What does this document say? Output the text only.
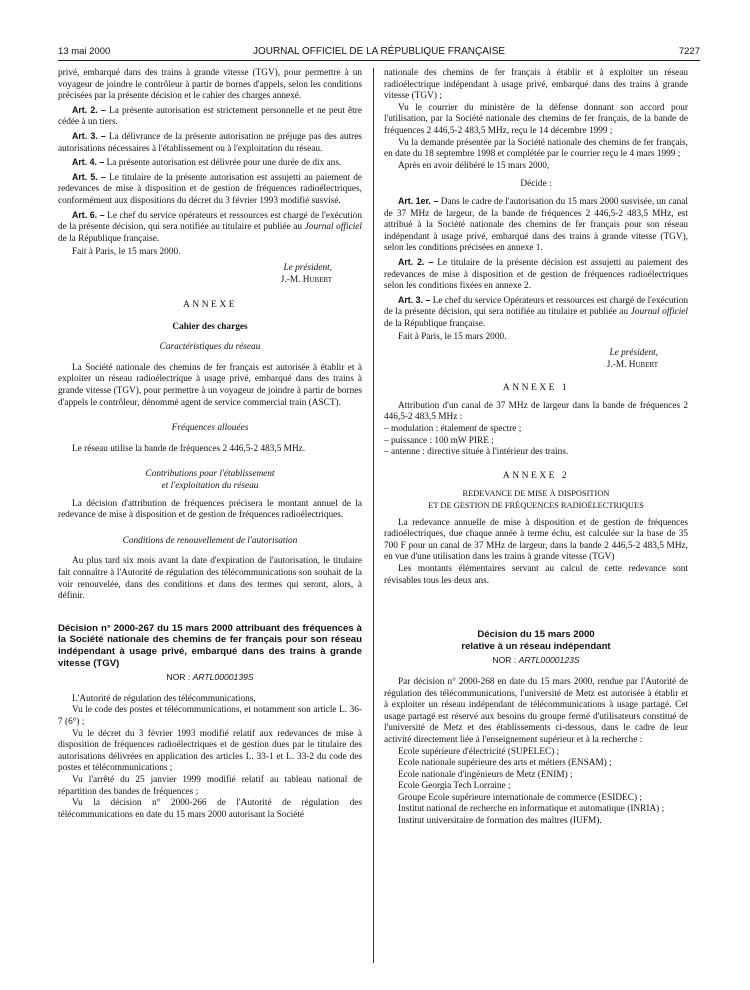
13 mai 2000	JOURNAL OFFICIEL DE LA RÉPUBLIQUE FRANÇAISE	7227

privé, embarqué dans des trains à grande vitesse (TGV), pour permettre à un voyageur de joindre le contrôleur à partir de bornes d'appels, selon les conditions précisées par la présente décision et le cahier des charges annexé.

Art. 2. – La présente autorisation est strictement personnelle et ne peut être cédée à un tiers.

Art. 3. – La délivrance de la présente autorisation ne préjuge pas des autres autorisations nécessaires à l'établissement ou à l'exploitation du réseau.

Art. 4. – La présente autorisation est délivrée pour une durée de dix ans.

Art. 5. – Le titulaire de la présente autorisation est assujetti au paiement de redevances de mise à disposition et de gestion de fréquences radioélectriques, conformément aux dispositions du décret du 3 février 1993 modifié susvisé.

Art. 6. – Le chef du service opérateurs et ressources est chargé de l'exécution de la présente décision, qui sera notifiée au titulaire et publiée au Journal officiel de la République française.

Fait à Paris, le 15 mars 2000.

Le président,
J.-M. Hubert
ANNEXE
Cahier des charges
Caractéristiques du réseau

La Société nationale des chemins de fer français est autorisée à établir et à exploiter un réseau radioélectrique à usage privé, embarqué dans des trains à grande vitesse (TGV), pour permettre à un voyageur de joindre à partir de bornes d'appels le contrôleur, dénommé agent de service commercial train (ASCT).

Fréquences allouées

Le réseau utilise la bande de fréquences 2 446,5-2 483,5 MHz.

Contributions pour l'établissement
et l'exploitation du réseau

La décision d'attribution de fréquences précisera le montant annuel de la redevance de mise à disposition et de gestion de fréquences radioélectriques.

Conditions de renouvellement de l'autorisation

Au plus tard six mois avant la date d'expiration de l'autorisation, le titulaire fait connaître à l'Autorité de régulation des télécommunications son souhait de la voir renouvelée, dans des conditions et dans des termes qui seront, alors, à définir.

Décision n° 2000-267 du 15 mars 2000 attribuant des fréquences à la Société nationale des chemins de fer français pour son réseau indépendant à usage privé, embarqué dans des trains à grande vitesse (TGV)
NOR : ARTL0000139S

L'Autorité de régulation des télécommunications,

Vu le code des postes et télécommunications, et notamment son article L. 36-7 (6°) ;

Vu le décret du 3 février 1993 modifié relatif aux redevances de mise à disposition de fréquences radioélectriques et de gestion dues par le titulaire des autorisations délivrées en application des articles L. 33-1 et L. 33-2 du code des postes et télécommunications ;

Vu l'arrêté du 25 janvier 1999 modifié relatif au tableau national de répartition des bandes de fréquences ;

Vu la décision n° 2000-266 de l'Autorité de régulation des télécommunications en date du 15 mars 2000 autorisant la Société

nationale des chemins de fer français à établir et à exploiter un réseau radioélectrique indépendant à usage privé, embarqué dans des trains à grande vitesse (TGV) ;

Vu le courrier du ministère de la défense donnant son accord pour l'utilisation, par la Société nationale des chemins de fer français, de la bande de fréquences 2 446,5-2 483,5 MHz, reçu le 14 décembre 1999 ;

Vu la demande présentée par la Société nationale des chemins de fer français, en date du 18 septembre 1998 et complétée par le courrier reçu le 4 mars 1999 ;

Après en avoir délibéré le 15 mars 2000,

Décide :

Art. 1er. – Dans le cadre de l'autorisation du 15 mars 2000 susvisée, un canal de 37 MHz de largeur, de la bande de fréquences 2 446,5-2 483,5 MHz, est attribué à la Société nationale des chemins de fer français pour son réseau indépendant à usage privé, embarqué dans des trains à grande vitesse (TGV), selon les conditions précisées en annexe 1.

Art. 2. – Le titulaire de la présente décision est assujetti au paiement des redevances de mise à disposition et de gestion de fréquences radioélectriques selon les conditions fixées en annexe 2.

Art. 3. – Le chef du service Opérateurs et ressources est chargé de l'exécution de la présente décision, qui sera notifiée au titulaire et publiée au Journal officiel de la République française.

Fait à Paris, le 15 mars 2000.

Le président,
J.-M. Hubert
ANNEXE 1

Attribution d'un canal de 37 MHz de largeur dans la bande de fréquences 2 446,5-2 483,5 MHz :

– modulation : étalement de spectre ;

– puissance : 100 mW PIRE ;

– antenne : directive située à l'intérieur des trains.

ANNEXE 2
REDEVANCE DE MISE À DISPOSITION
ET DE GESTION DE FRÉQUENCES RADIOÉLECTRIQUES

La redevance annuelle de mise à disposition et de gestion de fréquences radioélectriques, due chaque année à terme échu, est calculée sur la base de 35 700 F pour un canal de 37 MHz de largeur, dans la bande 2 446,5-2 483,5 MHz, en vue d'une utilisation dans les trains à grande vitesse (TGV)

Les montants élémentaires servant au calcul de cette redevance sont révisables tous les deux ans.

Décision du 15 mars 2000
relative à un réseau indépendant
NOR : ARTL0000123S

Par décision n° 2000-268 en date du 15 mars 2000, rendue par l'Autorité de régulation des télécommunications, l'université de Metz est autorisée à établir et à exploiter un réseau indépendant de télécommunications à usage partagé. Cet usage partagé est réservé aux besoins du groupe fermé d'utilisateurs constitué de l'université de Metz et des établissements ci-dessous, dans le cadre de leur activité directement liée à l'enseignement supérieur et à la recherche :

Ecole supérieure d'électricité (SUPELEC) ;

Ecole nationale supérieure des arts et métiers (ENSAM) ;

Ecole nationale d'ingénieurs de Metz (ENIM) ;

Ecole Georgia Tech Lorraine ;

Groupe Ecole supérieure internationale de commerce (ESIDEC) ;

Institut national de recherche en informatique et automatique (INRIA) ;

Institut universitaire de formation des maîtres (IUFM).
